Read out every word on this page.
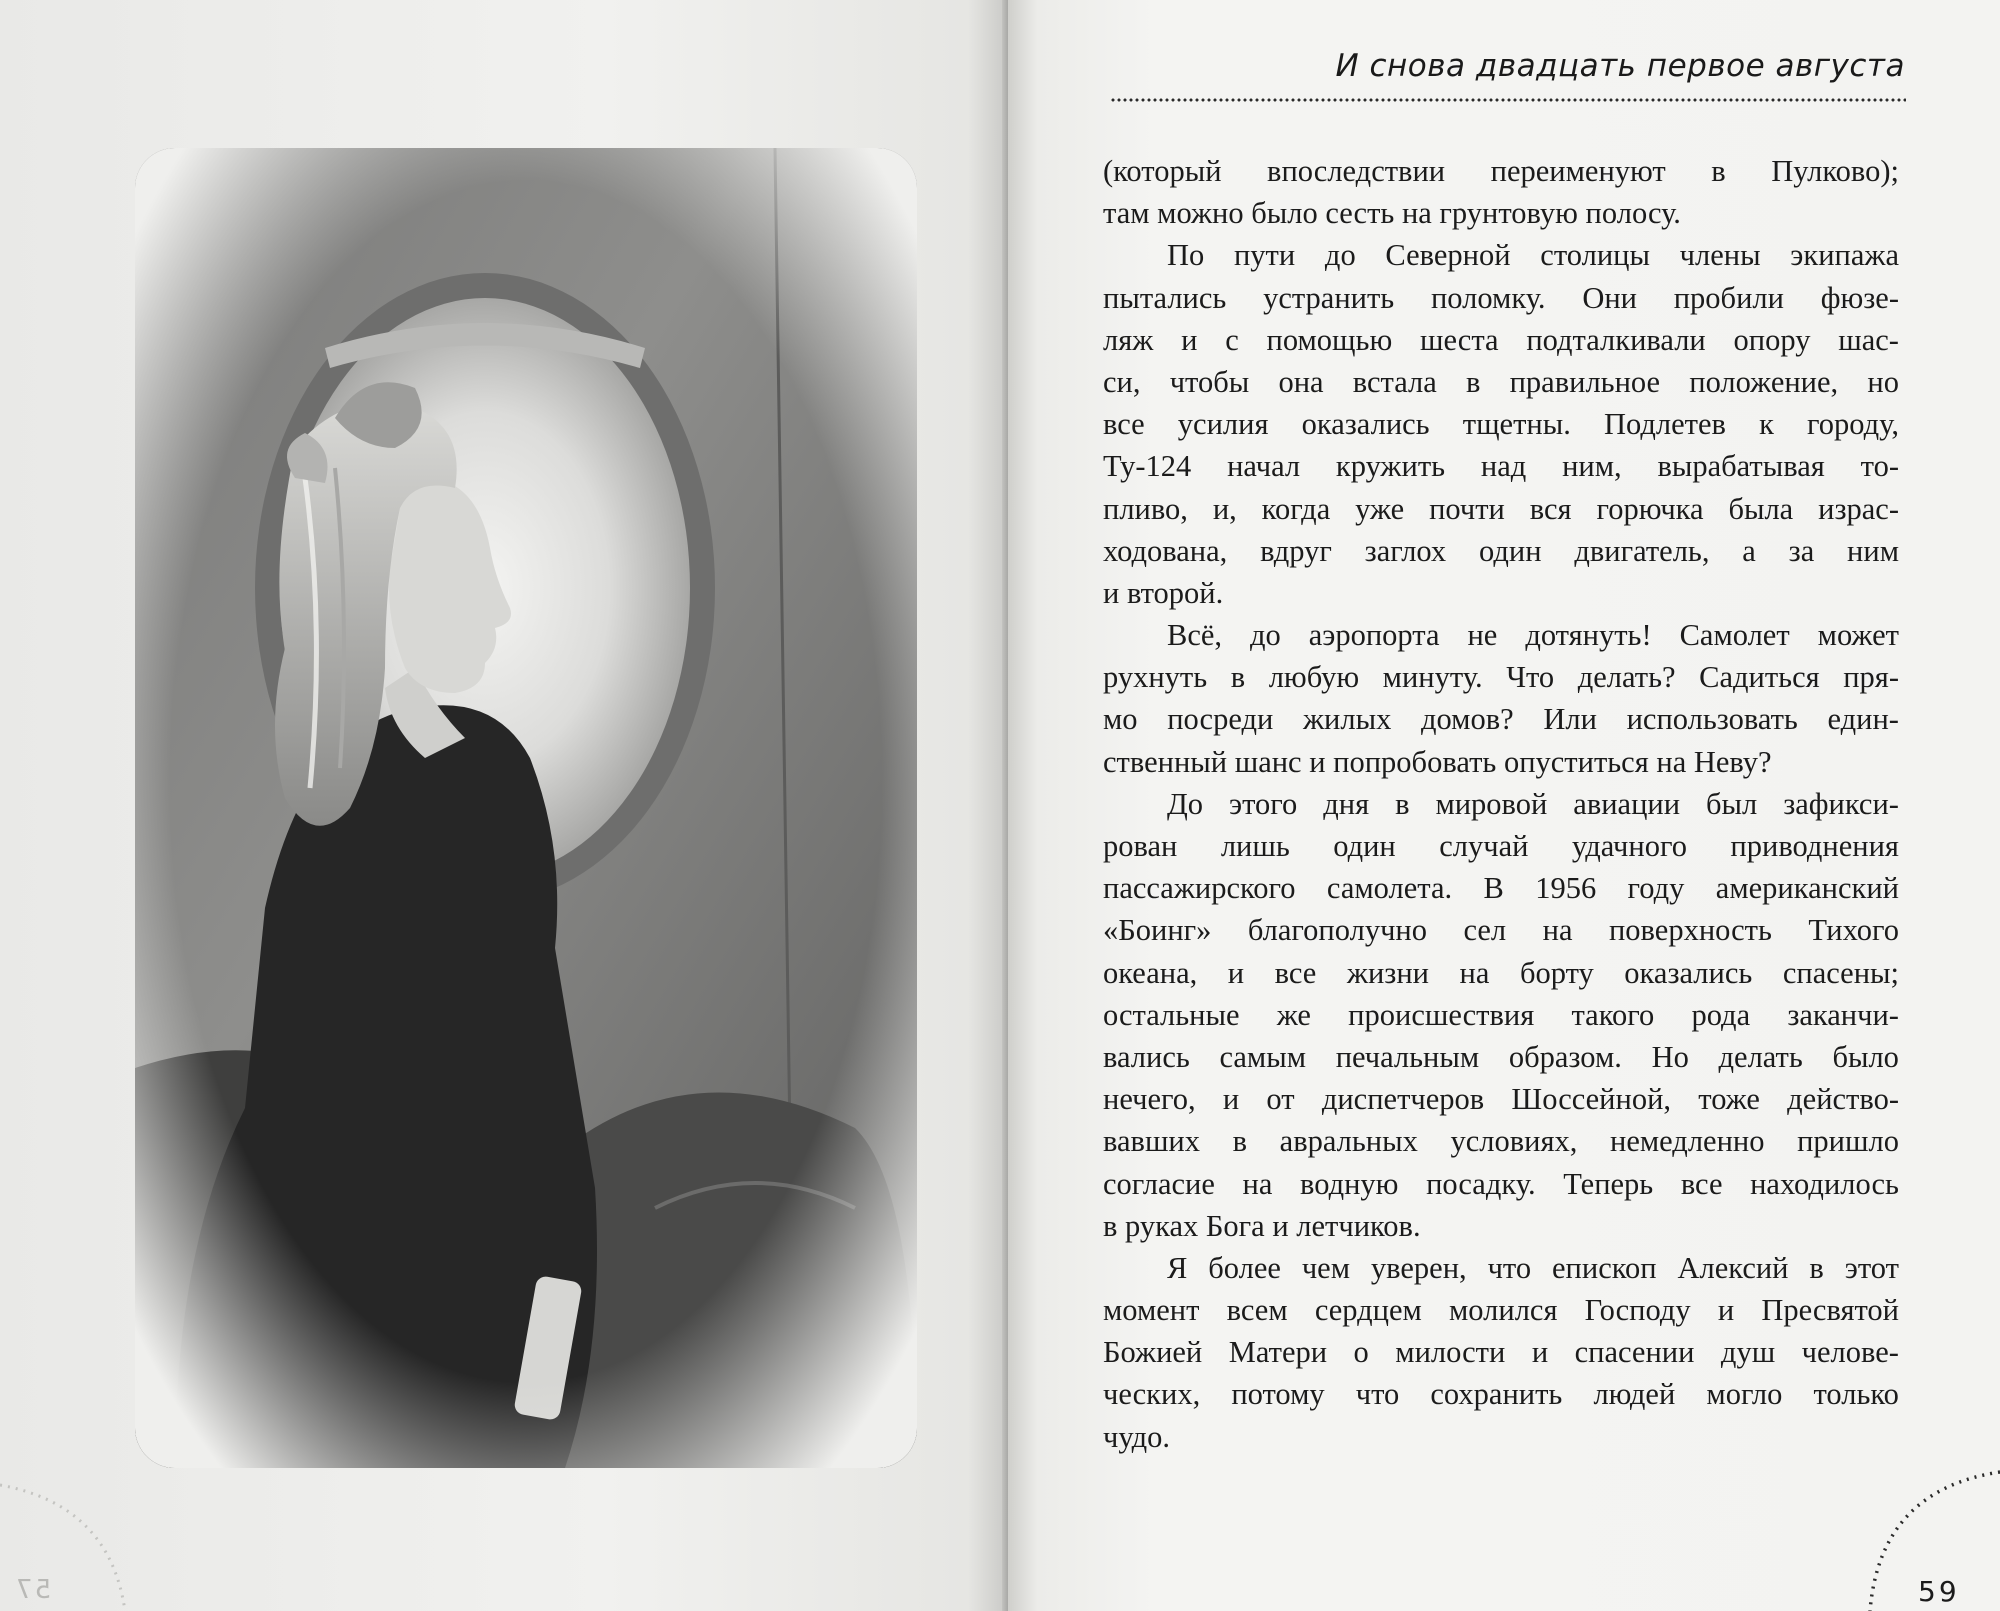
57
И снова двадцать первое августа
(который впоследствии переименуют в Пулково);
там можно было сесть на грунтовую полосу.
По пути до Северной столицы члены экипажа
пытались устранить поломку. Они пробили фюзе-
ляж и с помощью шеста подталкивали опору шас-
си, чтобы она встала в правильное положение, но
все усилия оказались тщетны. Подлетев к городу,
Ту-124 начал кружить над ним, вырабатывая то-
пливо, и, когда уже почти вся горючка была израс-
ходована, вдруг заглох один двигатель, а за ним
и второй.
Всё, до аэропорта не дотянуть! Самолет может
рухнуть в любую минуту. Что делать? Садиться пря-
мо посреди жилых домов? Или использовать един-
ственный шанс и попробовать опуститься на Неву?
До этого дня в мировой авиации был зафикси-
рован лишь один случай удачного приводнения
пассажирского самолета. В 1956 году американский
«Боинг» благополучно сел на поверхность Тихого
океана, и все жизни на борту оказались спасены;
остальные же происшествия такого рода заканчи-
вались самым печальным образом. Но делать было
нечего, и от диспетчеров Шоссейной, тоже действо-
вавших в авральных условиях, немедленно пришло
согласие на водную посадку. Теперь все находилось
в руках Бога и летчиков.
Я более чем уверен, что епископ Алексий в этот
момент всем сердцем молился Господу и Пресвятой
Божией Матери о милости и спасении душ челове-
ческих, потому что сохранить людей могло только
чудо.
59
